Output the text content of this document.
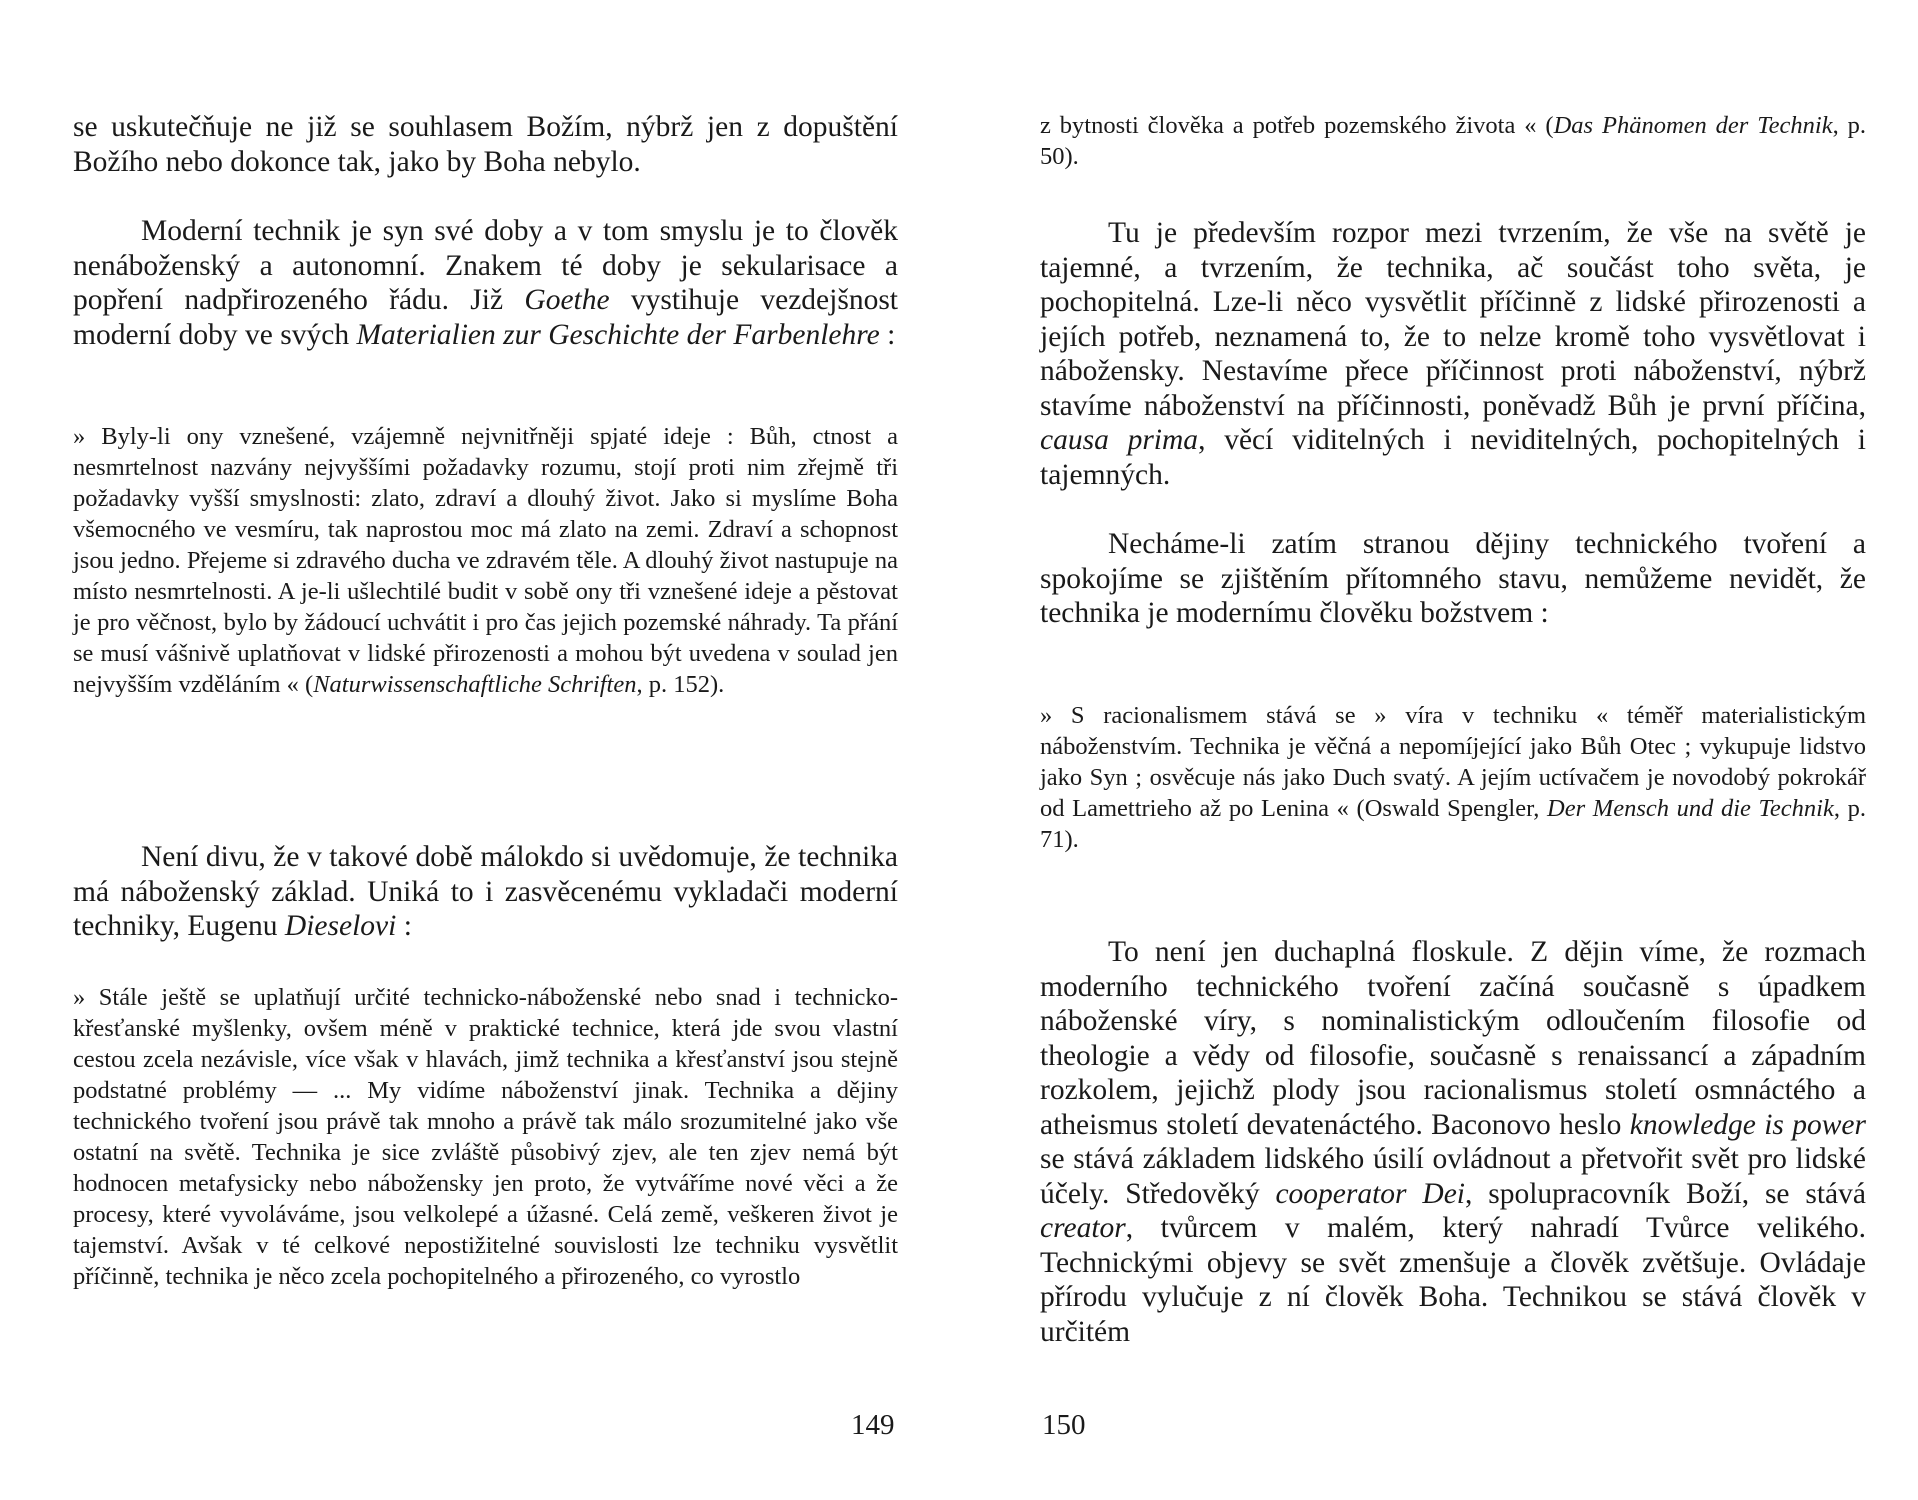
se uskutečňuje ne již se souhlasem Božím, nýbrž jen z dopuštění Božího nebo dokonce tak, jako by Boha nebylo.

Moderní technik je syn své doby a v tom smyslu je to člověk nenáboženský a autonomní. Znakem té doby je sekularisace a popření nadpřirozeného řádu. Již Goethe vystihuje vezdejšnost moderní doby ve svých Materialien zur Geschichte der Farbenlehre :

» Byly-li ony vznešené, vzájemně nejvnitřněji spjaté ideje : Bůh, ctnost a nesmrtelnost nazvány nejvyššími požadavky rozumu, stojí proti nim zřejmě tři požadavky vyšší smyslnosti: zlato, zdraví a dlouhý život. Jako si myslíme Boha všemocného ve vesmíru, tak naprostou moc má zlato na zemi. Zdraví a schopnost jsou jedno. Přejeme si zdravého ducha ve zdravém těle. A dlouhý život nastupuje na místo nesmrtelnosti. A je-li ušlechtilé budit v sobě ony tři vznešené ideje a pěstovat je pro věčnost, bylo by žádoucí uchvátit i pro čas jejich pozemské náhrady. Ta přání se musí vášnivě uplatňovat v lidské přirozenosti a mohou být uvedena v soulad jen nejvyšším vzděláním « (Naturwissenschaftliche Schriften, p. 152).

Není divu, že v takové době málokdo si uvědomuje, že technika má náboženský základ. Uniká to i zasvěcenému vykladači moderní techniky, Eugenu Dieselovi :

» Stále ještě se uplatňují určité technicko-náboženské nebo snad i technicko-křesťanské myšlenky, ovšem méně v praktické technice, která jde svou vlastní cestou zcela nezávisle, více však v hlavách, jimž technika a křesťanství jsou stejně podstatné problémy — ... My vidíme náboženství jinak. Technika a dějiny technického tvoření jsou právě tak mnoho a právě tak málo srozumitelné jako vše ostatní na světě. Technika je sice zvláště působivý zjev, ale ten zjev nemá být hodnocen metafysicky nebo nábožensky jen proto, že vytváříme nové věci a že procesy, které vyvoláváme, jsou velkolepé a úžasné. Celá země, veškeren život je tajemství. Avšak v té celkové nepostižitelné souvislosti lze techniku vysvětlit příčinně, technika je něco zcela pochopitelného a přirozeného, co vyrostlo

149

z bytnosti člověka a potřeb pozemského života « (Das Phänomen der Technik, p. 50).

Tu je především rozpor mezi tvrzením, že vše na světě je tajemné, a tvrzením, že technika, ač součást toho světa, je pochopitelná. Lze-li něco vysvětlit příčinně z lidské přirozenosti a jejích potřeb, neznamená to, že to nelze kromě toho vysvětlovat i nábožensky. Nestavíme přece příčinnost proti náboženství, nýbrž stavíme náboženství na příčinnosti, poněvadž Bůh je první příčina, causa prima, věcí viditelných i neviditelných, pochopitelných i tajemných.

Necháme-li zatím stranou dějiny technického tvoření a spokojíme se zjištěním přítomného stavu, nemůžeme nevidět, že technika je modernímu člověku božstvem :

» S racionalismem stává se » víra v techniku « téměř materialistickým náboženstvím. Technika je věčná a nepomíjející jako Bůh Otec ; vykupuje lidstvo jako Syn ; osvěcuje nás jako Duch svatý. A jejím uctívačem je novodobý pokrokář od Lamettrieho až po Lenina « (Oswald Spengler, Der Mensch und die Technik, p. 71).

To není jen duchaplná floskule. Z dějin víme, že rozmach moderního technického tvoření začíná současně s úpadkem náboženské víry, s nominalistickým odloučením filosofie od theologie a vědy od filosofie, současně s renaissancí a západním rozkolem, jejichž plody jsou racionalismus století osmnáctého a atheismus století devatenáctého. Baconovo heslo knowledge is power se stává základem lidského úsilí ovládnout a přetvořit svět pro lidské účely. Středověký cooperator Dei, spolupracovník Boží, se stává creator, tvůrcem v malém, který nahradí Tvůrce velikého. Technickými objevy se svět zmenšuje a člověk zvětšuje. Ovládaje přírodu vylučuje z ní člověk Boha. Technikou se stává člověk v určitém

150
